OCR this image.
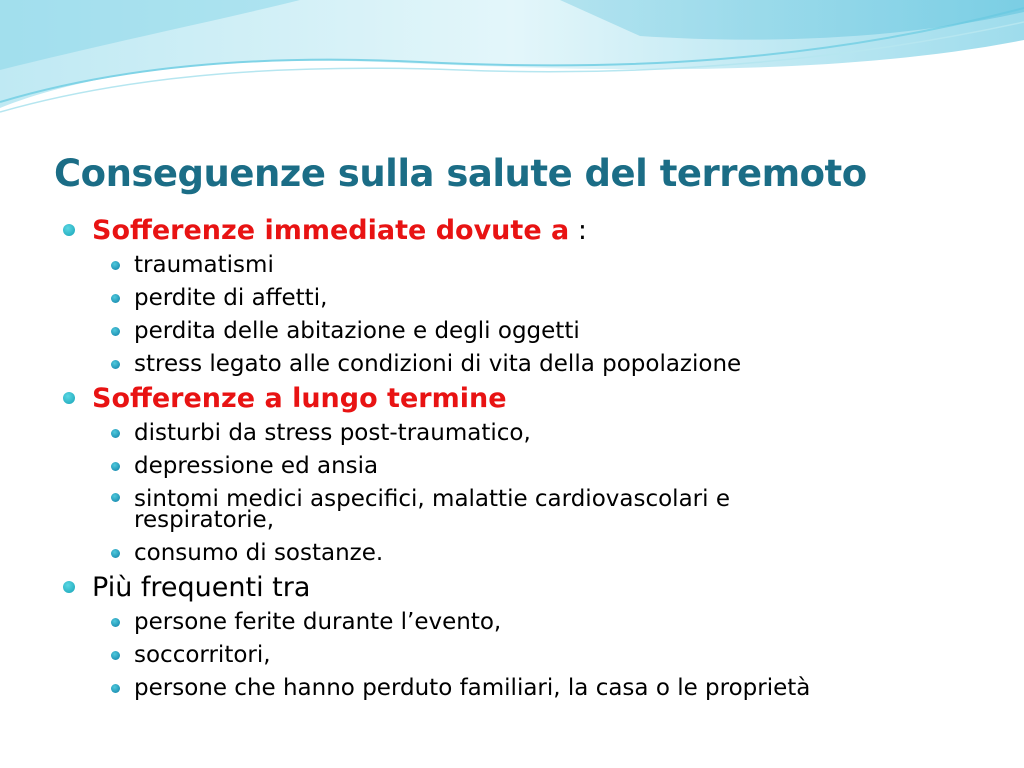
Conseguenze sulla salute del terremoto
Sofferenze immediate dovute a :
traumatismi
perdite di affetti,
perdita delle abitazione e degli oggetti
stress legato alle condizioni di vita della popolazione
Sofferenze a lungo termine
disturbi da stress post-traumatico,
depressione ed ansia
sintomi medici aspecifici, malattie cardiovascolari e respiratorie,
consumo di sostanze.
Più frequenti tra
persone ferite durante l’evento,
soccorritori,
persone che hanno perduto familiari, la casa o le proprietà
